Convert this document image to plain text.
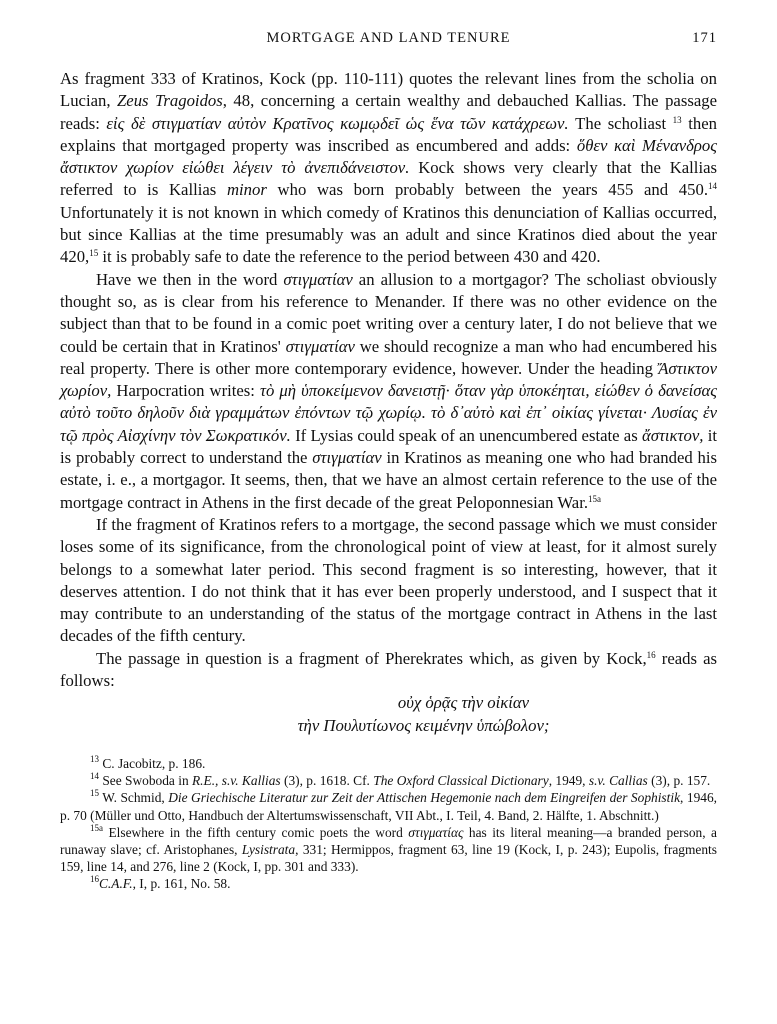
MORTGAGE AND LAND TENURE	171

As fragment 333 of Kratinos, Kock (pp. 110-111) quotes the relevant lines from the scholia on Lucian, Zeus Tragoidos, 48, concerning a certain wealthy and debauched Kallias. The passage reads: εἰς δὲ στιγματίαν αὐτὸν Κρατῖνος κωμῳδεῖ ὡς ἕνα τῶν κατάχρεων. The scholiast $^{13}$ then explains that mortgaged property was inscribed as encumbered and adds: ὅθεν καὶ Μένανδρος ἄστικτον χωρίον εἰώθει λέγειν τὸ ἀνεπιδάνειστον. Kock shows very clearly that the Kallias referred to is Kallias minor who was born probably between the years 455 and 450.14 Unfortunately it is not known in which comedy of Kratinos this denunciation of Kallias occurred, but since Kallias at the time presumably was an adult and since Kratinos died about the year 420,15 it is probably safe to date the reference to the period between 430 and 420.

Have we then in the word στιγματίαν an allusion to a mortgagor? The scholiast obviously thought so, as is clear from his reference to Menander. If there was no other evidence on the subject than that to be found in a comic poet writing over a century later, I do not believe that we could be certain that in Kratinos' στιγματίαν we should recognize a man who had encumbered his real property. There is other more contemporary evidence, however. Under the heading Ἄστικτον χωρίον, Harpocration writes: τὸ μὴ ὑποκείμενον δανειστῇ· ὅταν γὰρ ὑποκέηται, εἰώθεν ὁ δανείσας αὐτὸ τοῦτο δηλοῦν διὰ γραμμάτων ἐπόντων τῷ χωρίῳ. τὸ δ᾽αὐτὸ καὶ ἐπ᾽ οἰκίας γίνεται· Λυσίας ἐν τῷ πρὸς Αἰσχίνην τὸν Σωκρατικόν. If Lysias could speak of an unencumbered estate as ἄστικτον, it is probably correct to understand the στιγματίαν in Kratinos as meaning one who had branded his estate, i. e., a mortgagor. It seems, then, that we have an almost certain reference to the use of the mortgage contract in Athens in the first decade of the great Peloponnesian War.$^{15a}$

If the fragment of Kratinos refers to a mortgage, the second passage which we must consider loses some of its significance, from the chronological point of view at least, for it almost surely belongs to a somewhat later period. This second fragment is so interesting, however, that it deserves attention. I do not think that it has ever been properly understood, and I suspect that it may contribute to an understanding of the status of the mortgage contract in Athens in the last decades of the fifth century.

The passage in question is a fragment of Pherekrates which, as given by Kock,$^{16}$ reads as follows:

οὐχ ὁρᾷς τὴν οἰκίαν
τὴν Πουλυτίωνος κειμένην ὑπώβολον;

$^{13}$ C. Jacobitz, p. 186.

$^{14}$ See Swoboda in R.E., s.v. Kallias (3), p. 1618. Cf. The Oxford Classical Dictionary, 1949, s.v. Callias (3), p. 157.

$^{15}$ W. Schmid, Die Griechische Literatur zur Zeit der Attischen Hegemonie nach dem Eingreifen der Sophistik, 1946, p. 70 (Müller und Otto, Handbuch der Altertumswissenschaft, VII Abt., I. Teil, 4. Band, 2. Hälfte, 1. Abschnitt.)

$^{15a}$ Elsewhere in the fifth century comic poets the word στιγματίας has its literal meaning—a branded person, a runaway slave; cf. Aristophanes, Lysistrata, 331; Hermippos, fragment 63, line 19 (Kock, I, p. 243); Eupolis, fragments 159, line 14, and 276, line 2 (Kock, I, pp. 301 and 333).

$^{16}$C.A.F., I, p. 161, No. 58.
